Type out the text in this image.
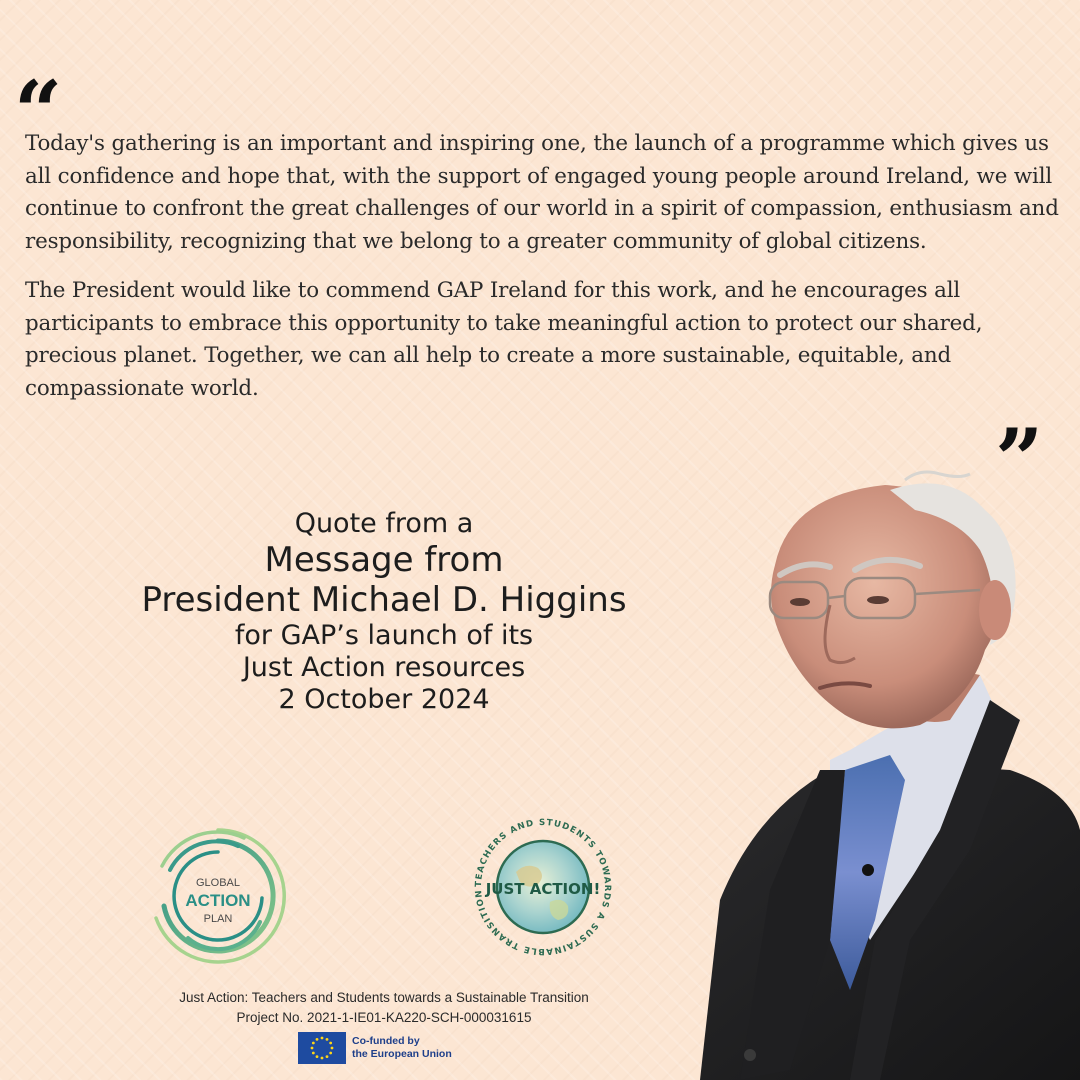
“

Today's gathering is an important and inspiring one, the launch of a programme which gives us all confidence and hope that, with the support of engaged young people around Ireland, we will continue to confront the great challenges of our world in a spirit of compassion, enthusiasm and responsibility, recognizing that we belong to a greater community of global citizens.

The President would like to commend GAP Ireland for this work, and he encourages all participants to embrace this opportunity to take meaningful action to protect our shared, precious planet. Together, we can all help to create a more sustainable, equitable, and compassionate world.

”
Quote from a
Message from
President Michael D. Higgins
for GAP’s launch of its
Just Action resources
2 October 2024
GLOBAL
ACTION
PLAN
JUST ACTION!
TEACHERS AND STUDENTS TOWARDS A SUSTAINABLE TRANSITION
Just Action: Teachers and Students towards a Sustainable Transition
Project No. 2021-1-IE01-KA220-SCH-000031615
Co-funded by
the European Union
